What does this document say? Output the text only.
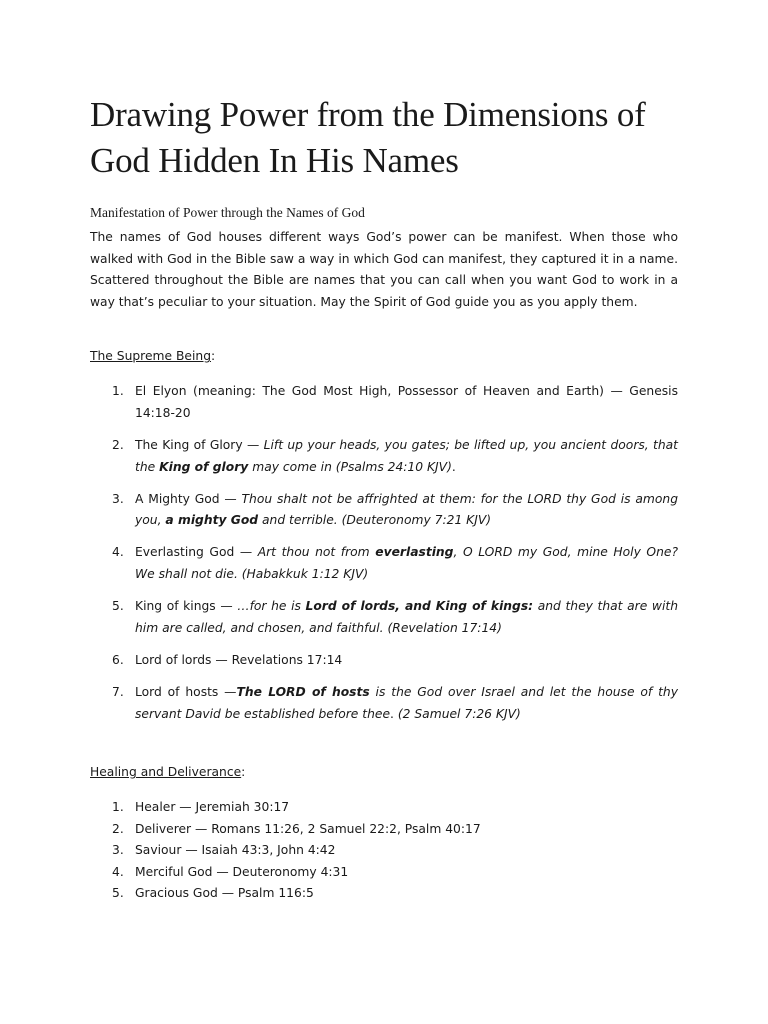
Drawing Power from the Dimensions of God Hidden In His Names

Manifestation of Power through the Names of God

The names of God houses different ways God’s power can be manifest. When those who walked with God in the Bible saw a way in which God can manifest, they captured it in a name. Scattered throughout the Bible are names that you can call when you want God to work in a way that’s peculiar to your situation. May the Spirit of God guide you as you apply them.

The Supreme Being:

1. El Elyon (meaning: The God Most High, Possessor of Heaven and Earth) — Genesis 14:18-20
2. The King of Glory — Lift up your heads, you gates; be lifted up, you ancient doors, that the King of glory may come in (Psalms 24:10 KJV).
3. A Mighty God — Thou shalt not be affrighted at them: for the LORD thy God is among you, a mighty God and terrible. (Deuteronomy 7:21 KJV)
4. Everlasting God — Art thou not from everlasting, O LORD my God, mine Holy One? We shall not die. (Habakkuk 1:12 KJV)
5. King of kings — …for he is Lord of lords, and King of kings: and they that are with him are called, and chosen, and faithful. (Revelation 17:14)
6. Lord of lords — Revelations 17:14
7. Lord of hosts —The LORD of hosts is the God over Israel and let the house of thy servant David be established before thee. (2 Samuel 7:26 KJV)

Healing and Deliverance:

1. Healer — Jeremiah 30:17
2. Deliverer — Romans 11:26, 2 Samuel 22:2, Psalm 40:17
3. Saviour — Isaiah 43:3, John 4:42
4. Merciful God — Deuteronomy 4:31
5. Gracious God — Psalm 116:5
